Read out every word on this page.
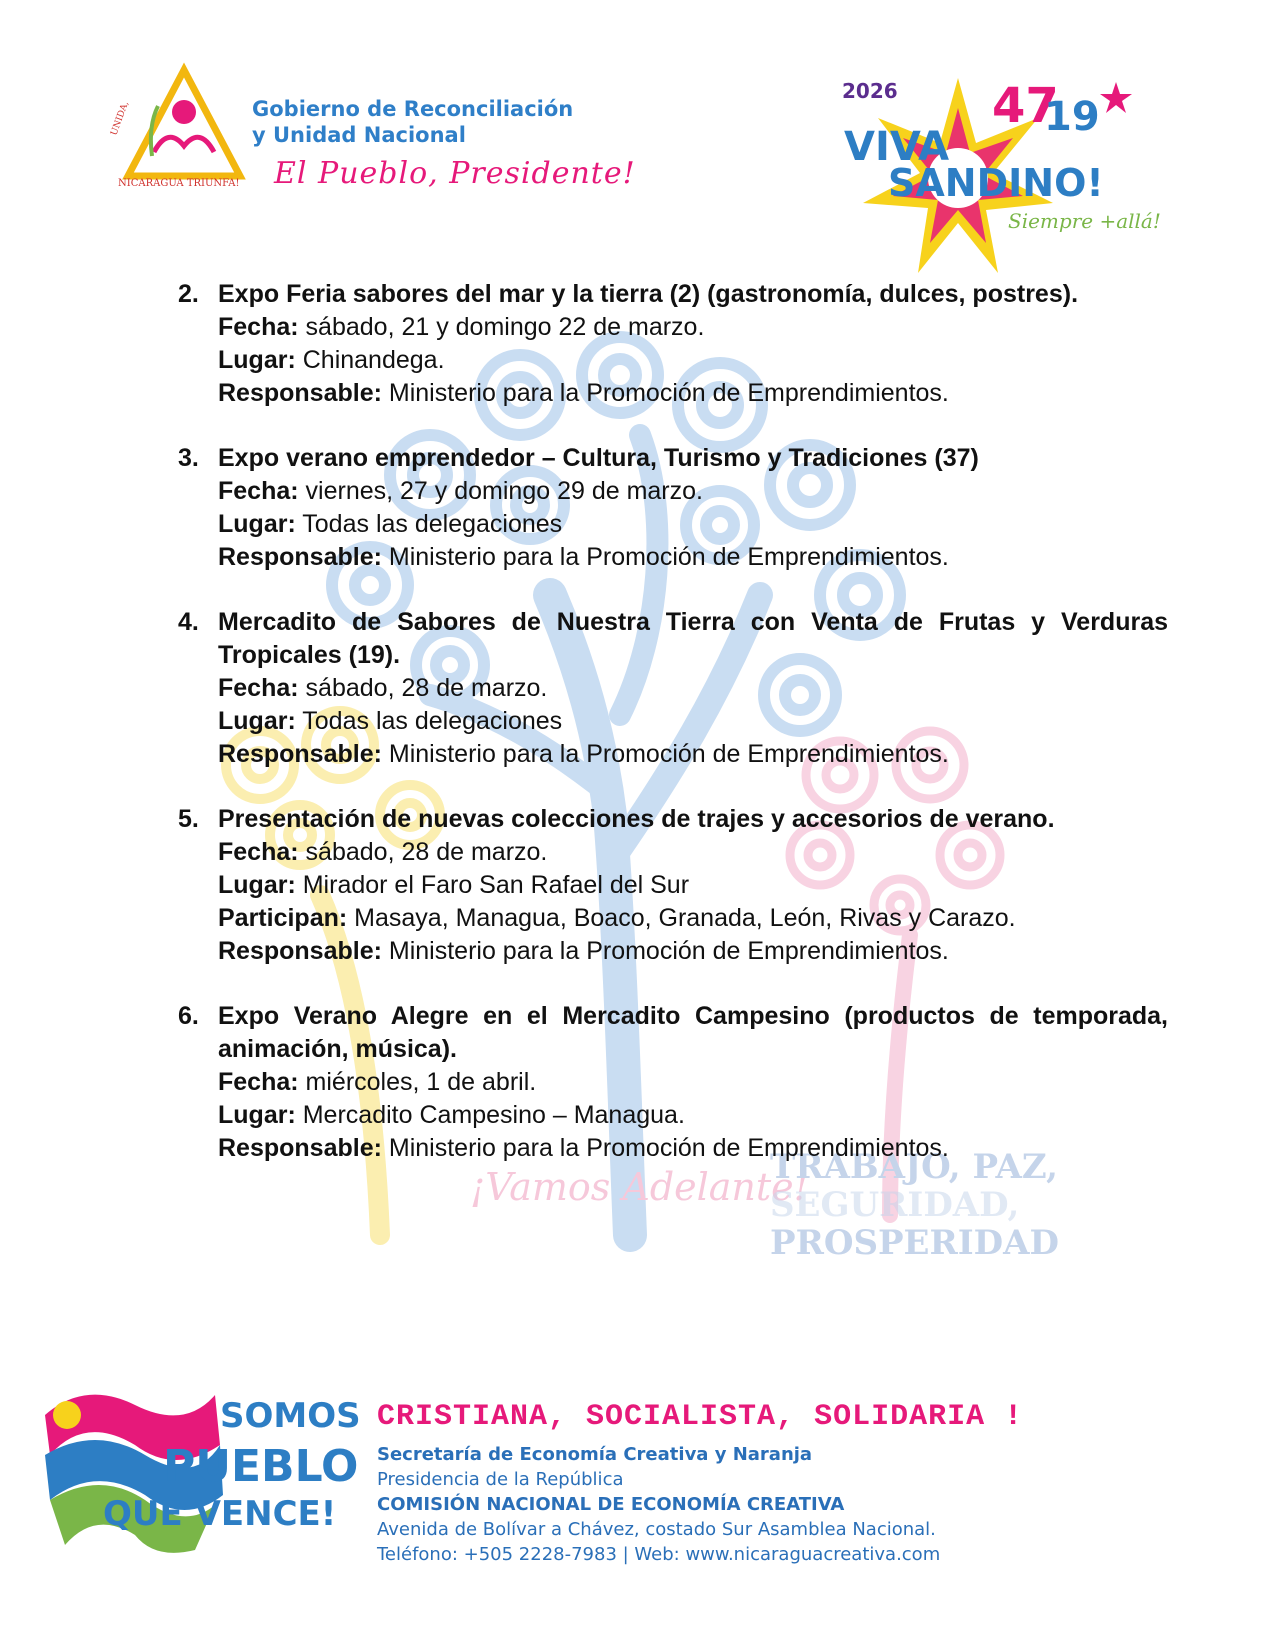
¡Vamos Adelante!
TRABAJO, PAZ,
SEGURIDAD,
PROSPERIDAD
NICARAGUA TRIUNFA!
UNIDA,	Gobierno de Reconciliación
y Unidad Nacional
El Pueblo, Presidente!
2026 47
19
VIVA
SANDINO!
Siempre +allá!
2. Expo Feria sabores del mar y la tierra (2) (gastronomía, dulces, postres).
Fecha: sábado, 21 y domingo 22 de marzo.
Lugar: Chinandega.
Responsable: Ministerio para la Promoción de Emprendimientos.
3. Expo verano emprendedor – Cultura, Turismo y Tradiciones (37)
Fecha: viernes, 27 y domingo 29 de marzo.
Lugar: Todas las delegaciones
Responsable: Ministerio para la Promoción de Emprendimientos.
4. Mercadito de Sabores de Nuestra Tierra con Venta de Frutas y Verduras Tropicales (19).
Fecha: sábado, 28 de marzo.
Lugar: Todas las delegaciones
Responsable: Ministerio para la Promoción de Emprendimientos.
5. Presentación de nuevas colecciones de trajes y accesorios de verano.
Fecha: sábado, 28 de marzo.
Lugar: Mirador el Faro San Rafael del Sur
Participan: Masaya, Managua, Boaco, Granada, León, Rivas y Carazo.
Responsable: Ministerio para la Promoción de Emprendimientos.
6. Expo Verano Alegre en el Mercadito Campesino (productos de temporada, animación, música).
Fecha: miércoles, 1 de abril.
Lugar: Mercadito Campesino – Managua.
Responsable: Ministerio para la Promoción de Emprendimientos.
SOMOS
PUEBLO
QUE VENCE!
CRISTIANA, SOCIALISTA, SOLIDARIA !
Secretaría de Economía Creativa y Naranja
Presidencia de la República
COMISIÓN NACIONAL DE ECONOMÍA CREATIVA
Avenida de Bolívar a Chávez, costado Sur Asamblea Nacional.
Teléfono: +505 2228-7983 | Web: www.nicaraguacreativa.com
